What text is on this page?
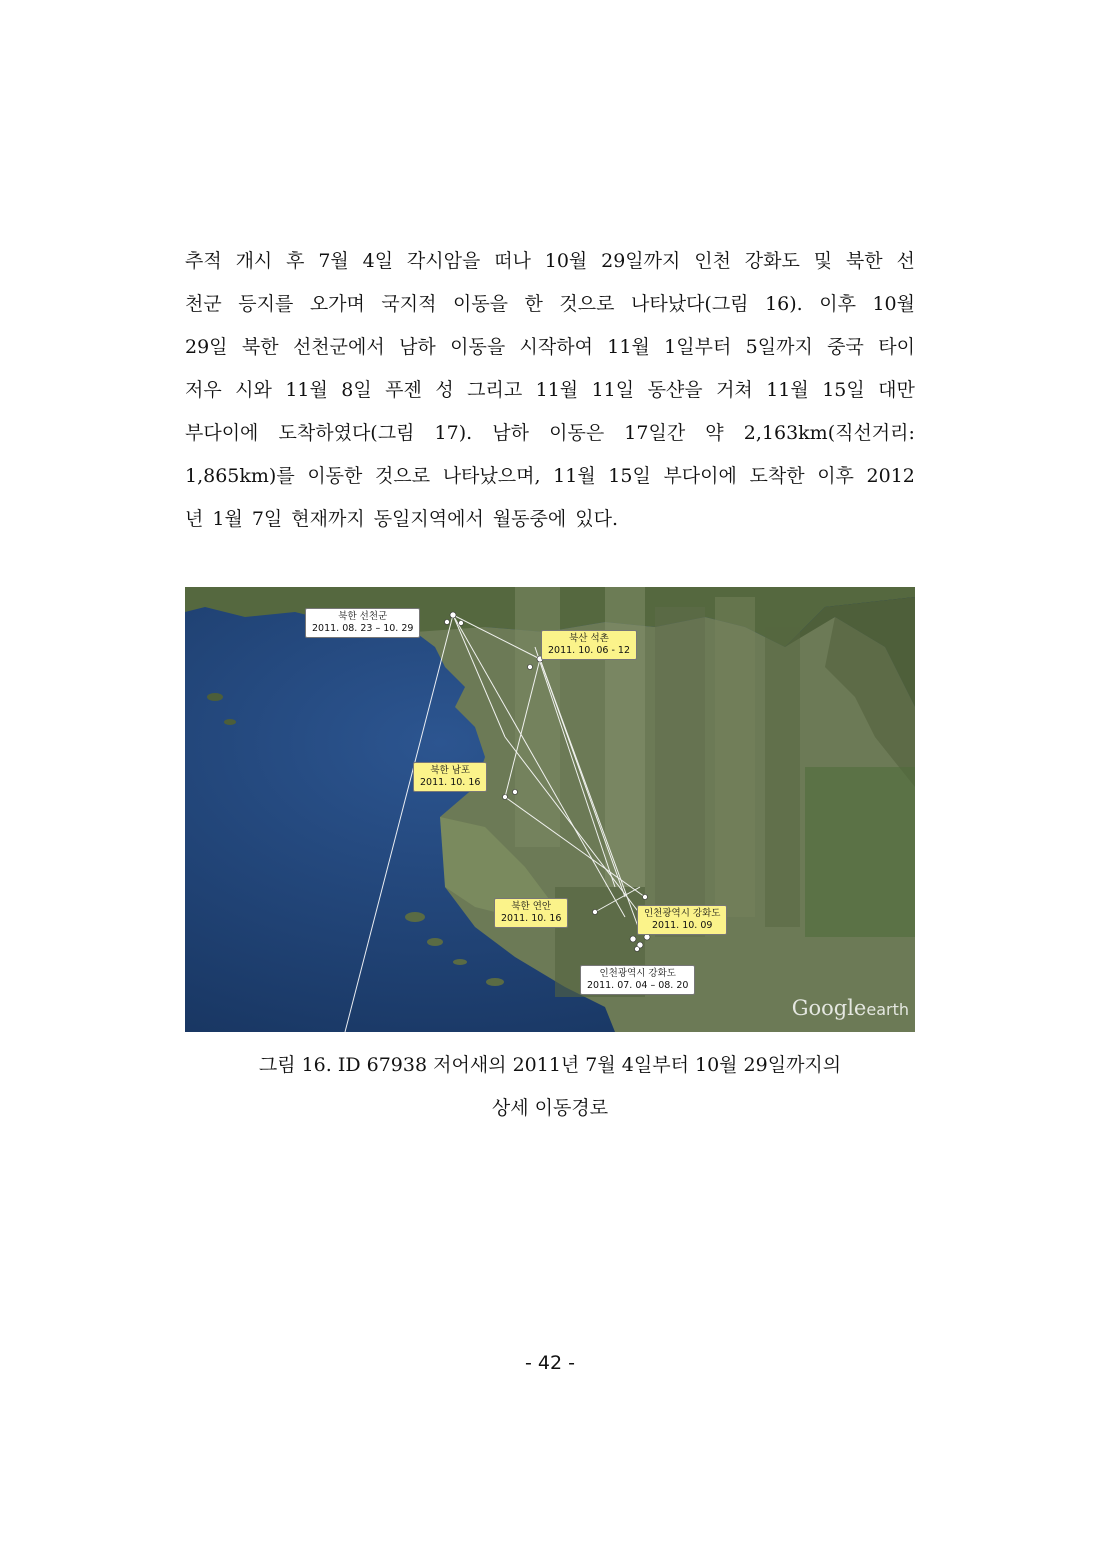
추적 개시 후 7월 4일 각시암을 떠나 10월 29일까지 인천 강화도 및 북한 선
천군 등지를 오가며 국지적 이동을 한 것으로 나타났다(그림 16). 이후 10월
29일 북한 선천군에서 남하 이동을 시작하여 11월 1일부터 5일까지 중국 타이
저우 시와 11월 8일 푸젠 성 그리고 11월 11일 동샨을 거쳐 11월 15일 대만
부다이에 도착하였다(그림 17). 남하 이동은 17일간 약 2,163km(직선거리:
1,865km)를 이동한 것으로 나타났으며, 11월 15일 부다이에 도착한 이후 2012
년 1월 7일 현재까지 동일지역에서 월동중에 있다.
북한 선천군
2011. 08. 23 – 10. 29
북산 석촌
2011. 10. 06 - 12
북한 남포
2011. 10. 16
북한 연안
2011. 10. 16	인천광역시 강화도
2011. 10. 09
인천광역시 강화도
2011. 07. 04 – 08. 20
Googleearth
그림 16. ID 67938 저어새의 2011년 7월 4일부터 10월 29일까지의
상세 이동경로
- 42 -
